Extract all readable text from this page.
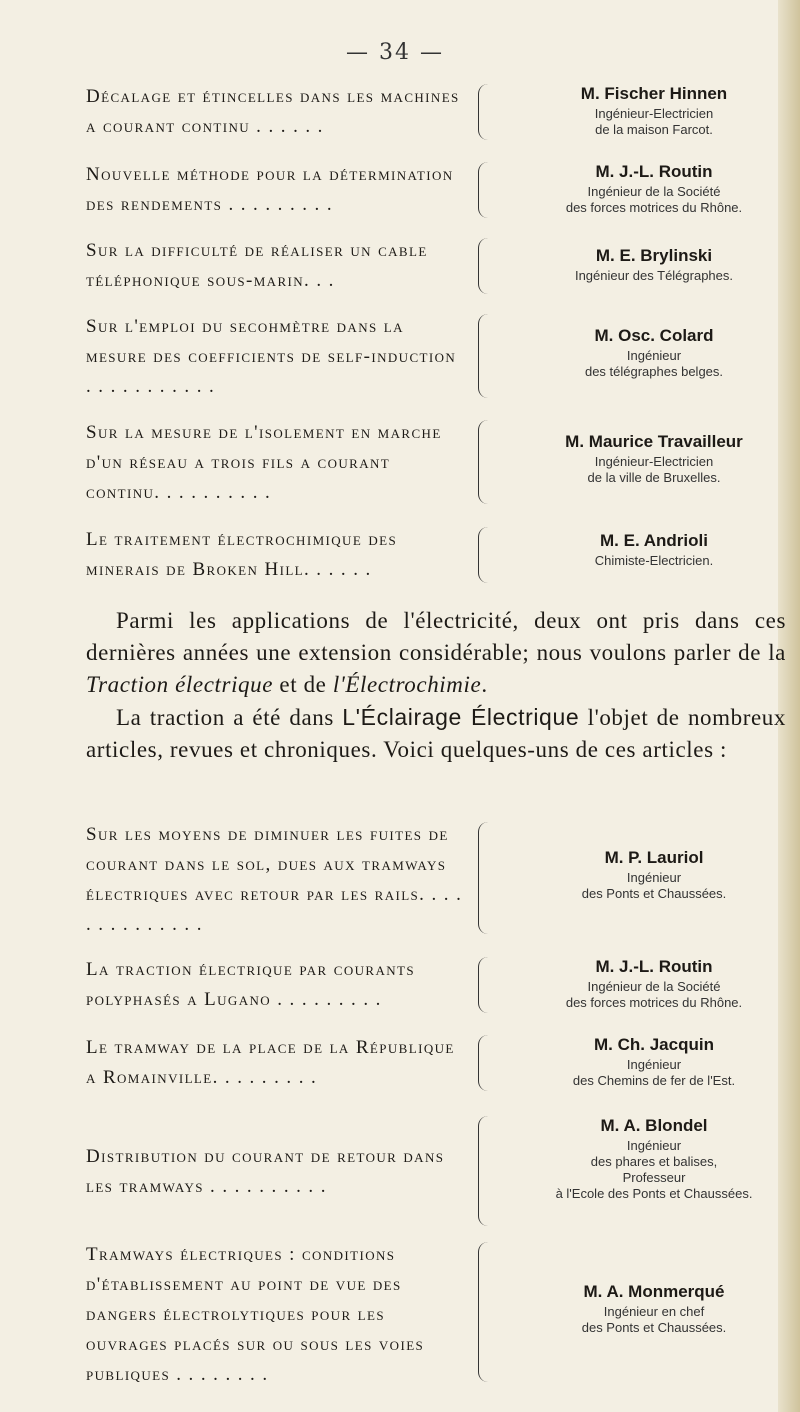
— 34 —
Décalage et étincelles dans les machines a courant continu . . . . . .
M. Fischer Hinnen
Ingénieur-Electricien
de la maison Farcot.
Nouvelle méthode pour la détermination des rendements . . . . . . . . .
M. J.-L. Routin
Ingénieur de la Société
des forces motrices du Rhône.
Sur la difficulté de réaliser un cable téléphonique sous-marin. . .
M. E. Brylinski
Ingénieur des Télégraphes.
Sur l'emploi du secohmètre dans la mesure des coefficients de self-induction . . . . . . . . . . .
M. Osc. Colard
Ingénieur
des télégraphes belges.
Sur la mesure de l'isolement en marche d'un réseau a trois fils a courant continu. . . . . . . . . .
M. Maurice Travailleur
Ingénieur-Electricien
de la ville de Bruxelles.
Le traitement électrochimique des minerais de Broken Hill. . . . . .
M. E. Andrioli
Chimiste-Electricien.

Parmi les applications de l'électricité, deux ont pris dans ces dernières années une extension considérable; nous voulons parler de la Traction électrique et de l'Électrochimie.

La traction a été dans L'Éclairage Électrique l'objet de nombreux articles, revues et chroniques. Voici quelques-uns de ces articles :

Sur les moyens de diminuer les fuites de courant dans le sol, dues aux tramways électriques avec retour par les rails. . . . . . . . . . . . . .
M. P. Lauriol
Ingénieur
des Ponts et Chaussées.
La traction électrique par courants polyphasés a Lugano . . . . . . . . .
M. J.-L. Routin
Ingénieur de la Société
des forces motrices du Rhône.
Le tramway de la place de la République a Romainville. . . . . . . . .
M. Ch. Jacquin
Ingénieur
des Chemins de fer de l'Est.
Distribution du courant de retour dans les tramways . . . . . . . . . .
M. A. Blondel
Ingénieur
des phares et balises,
Professeur
à l'Ecole des Ponts et Chaussées.
Tramways électriques : conditions d'établissement au point de vue des dangers électrolytiques pour les ouvrages placés sur ou sous les voies publiques . . . . . . . .
M. A. Monmerqué
Ingénieur en chef
des Ponts et Chaussées.
